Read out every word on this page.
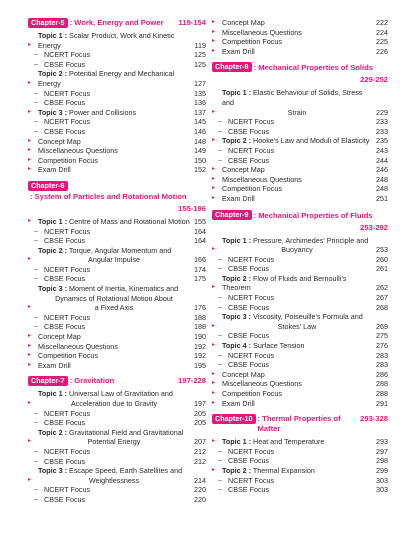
Chapter-5 : Work, Energy and Power	119-154
▸
Topic 1 : Scalar Product, Work and Kinetic Energy	119
– NCERT Focus	125
– CBSE Focus	125
▸
Topic 2 : Potential Energy and Mechanical Energy	127
– NCERT Focus	135
– CBSE Focus	136
▸ Topic 3 : Power and Collisions	137
– NCERT Focus	145
– CBSE Focus	146
▸ Concept Map	148
▸ Miscellaneous Questions	149
▸ Competition Focus	150
▸ Exam Drill	152
Chapter-6
: System of Particles and Rotational Motion
155-196
▸ Topic 1 : Centre of Mass and Rotational Motion 155
– NCERT Focus	164
– CBSE Focus	164
▸
Topic 2 : Torque, Angular Momentum and
Angular Impulse	166
– NCERT Focus	174
– CBSE Focus	175
▸
Topic 3 : Moment of Inertia, Kinematics and
Dynamics of Rotational Motion About
a Fixed Axis	176
– NCERT Focus	188
– CBSE Focus	188
▸ Concept Map	190
▸ Miscellaneous Questions	192
▸ Competition Focus	192
▸ Exam Drill	195
Chapter-7 : Gravitation	197-228
▸
Topic 1 : Universal Law of Gravitation and
Acceleration due to Gravity	197
– NCERT Focus	205
– CBSE Focus	205
▸
Topic 2 : Gravitational Field and Gravitational
Potential Energy	207
– NCERT Focus	212
– CBSE Focus	212
▸
Topic 3 : Escape Speed, Earth Satellites and
Weightlessness	214
– NCERT Focus	220
– CBSE Focus	220
▸ Concept Map	222
▸ Miscellaneous Questions	224
▸ Competition Focus	225
▸ Exam Drill	226
Chapter-8 : Mechanical Properties of Solids
229-252
▸
Topic 1 : Elastic Behaviour of Solids, Stress and
Strain	229
– NCERT Focus	233
– CBSE Focus	233
▸ Topic 2 : Hooke's Law and Moduli of Elasticity 235
– NCERT Focus	243
– CBSE Focus	244
▸ Concept Map	246
▸ Miscellaneous Questions	248
▸ Competition Focus	248
▸ Exam Drill	251
Chapter-9 : Mechanical Properties of Fluids
253-292
▸
Topic 1 : Pressure, Archimedes' Principle and
Buoyancy	253
– NCERT Focus	260
– CBSE Focus	261
▸
Topic 2 : Flow of Fluids and Bernoulli's Theorem	262
– NCERT Focus	267
– CBSE Focus	268
▸
Topic 3 : Viscosity, Poiseuille's Formula and
Stokes' Law	269
– CBSE Focus	275
▸ Topic 4 : Surface Tension	276
– NCERT Focus	283
– CBSE Focus	283
▸ Concept Map	286
▸ Miscellaneous Questions	288
▸ Competition Focus	288
▸ Exam Drill	291
Chapter-10 : Thermal Properties of Matter
293-328
▸ Topic 1 : Heat and Temperature	293
– NCERT Focus	297
– CBSE Focus	298
▸ Topic 2 : Thermal Expansion	299
– NCERT Focus	303
– CBSE Focus	303
